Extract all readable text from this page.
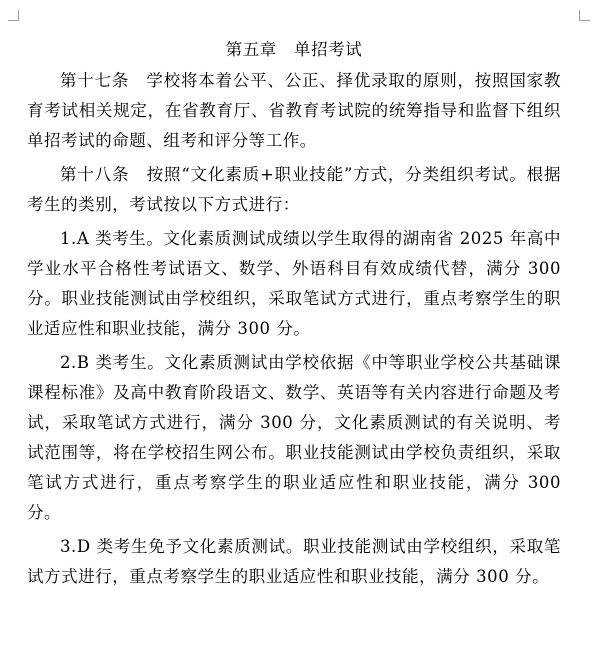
第五章　单招考试

第十七条　学校将本着公平、公正、择优录取的原则，按照国家教育考试相关规定，在省教育厅、省教育考试院的统筹指导和监督下组织单招考试的命题、组考和评分等工作。

第十八条　按照“文化素质+职业技能”方式，分类组织考试。根据考生的类别，考试按以下方式进行：

1.A 类考生。文化素质测试成绩以学生取得的湖南省 2025 年高中学业水平合格性考试语文、数学、外语科目有效成绩代替，满分 300 分。职业技能测试由学校组织，采取笔试方式进行，重点考察学生的职业适应性和职业技能，满分 300 分。

2.B 类考生。文化素质测试由学校依据《中等职业学校公共基础课课程标准》及高中教育阶段语文、数学、英语等有关内容进行命题及考试，采取笔试方式进行，满分 300 分，文化素质测试的有关说明、考试范围等，将在学校招生网公布。职业技能测试由学校负责组织，采取笔试方式进行，重点考察学生的职业适应性和职业技能，满分 300 分。

3.D 类考生免予文化素质测试。职业技能测试由学校组织，采取笔试方式进行，重点考察学生的职业适应性和职业技能，满分 300 分。
